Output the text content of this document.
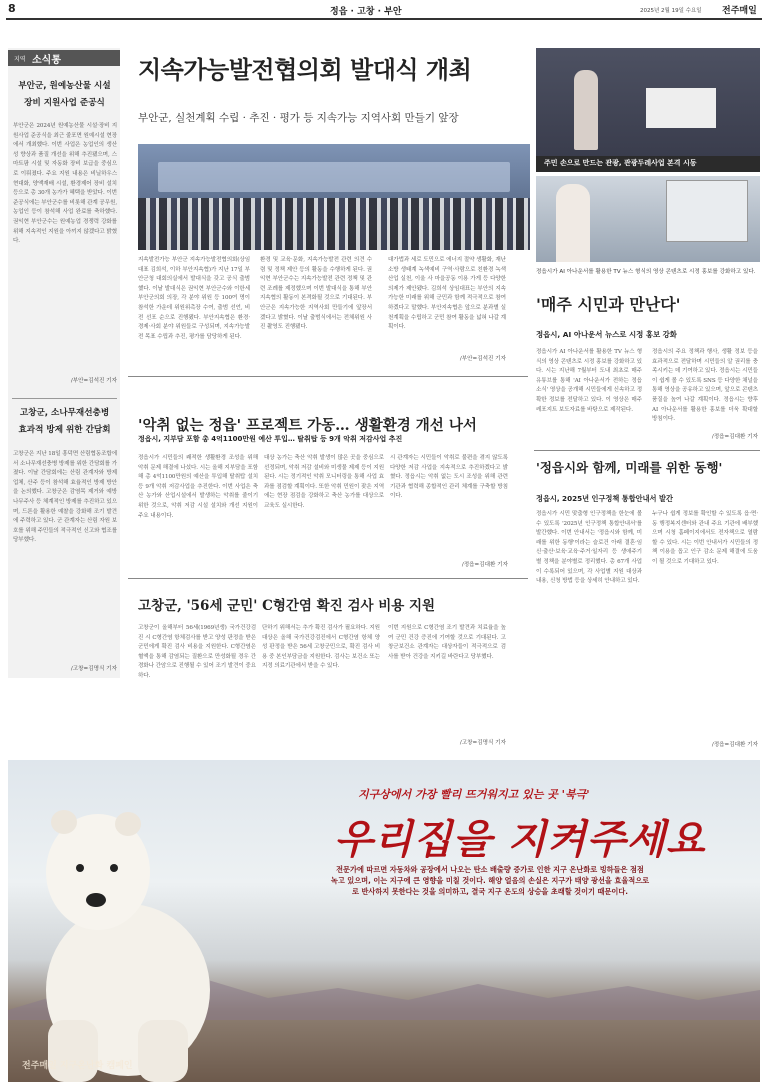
8	정읍 · 고창 · 부안	2025년 2월 19일 수요일 전주매일
지역 소식통
부안군, 원예농산물 시설
장비 지원사업 준공식
부안군은 2024년 원예농산물 시설·장비 지원사업 준공식을 최근 줄포면 원예시설 현장에서 개최했다. 이번 사업은 농업인의 생산성 향상과 품질 개선을 위해 추진됐으며, 스마트팜 시설 및 자동화 장비 보급을 중심으로 이뤄졌다. 주요 지원 내용은 비닐하우스 현대화, 양액재배 시설, 환경제어 장비 설치 등으로 총 30개 농가가 혜택을 받았다. 이번 준공식에는 부안군수를 비롯해 관계 공무원, 농업인 등이 참석해 사업 완료를 축하했다. 권익현 부안군수는 원예농업 경쟁력 강화를 위해 지속적인 지원을 아끼지 않겠다고 밝혔다.
/부안=김석진 기자
고창군, 소나무재선충병
효과적 방제 위한 간담회
고창군은 지난 18일 흥덕면 산림협동조합에서 소나무재선충병 방제를 위한 간담회를 가졌다. 이날 간담회에는 산림 관계자와 방제 업체, 산주 등이 참석해 효율적인 방제 방안을 논의했다. 고창군은 감염목 제거와 예방나무주사 등 체계적인 방제를 추진하고 있으며, 드론을 활용한 예찰을 강화해 조기 발견에 주력하고 있다. 군 관계자는 산림 자원 보호를 위해 주민들의 적극적인 신고와 협조를 당부했다.
/고창=김명식 기자
지속가능발전협의회 발대식 개최
부안군, 실천계획 수립 · 추진 · 평가 등 지속가능 지역사회 만들기 앞장
주민 손으로 만드는 관광, 관광두레사업 본격 시동
지속발전가능 부안군 지속가능발전협의회(상임대표 김희석, 이하 부안지속협)가 지난 17일 부안군청 대회의실에서 발대식을 갖고 공식 출범했다. 이날 발대식은 권익현 부안군수와 이한세 부안군의회 의장, 각 분야 위원 등 100여 명이 참석한 가운데 위원위촉장 수여, 출범 선언, 비전 선포 순으로 진행됐다. 부안지속협은 환경·경제·사회 분야 위원들로 구성되며, 지속가능발전 목표 수립과 추진, 평가를 담당하게 된다.
환경 및 교육·문화, 지속가능발전 관련 의견 수렴 및 정책 제안 등의 활동을 수행하게 된다. 권익현 부안군수는 지속가능발전 관련 정책 및 관련 조례를 제정했으며 이번 발대식을 통해 부안지속협의 활동이 본격화될 것으로 기대된다. 부안군은 지속가능한 지역사회 만들기에 앞장서겠다고 밝혔다. 이날 출범식에서는 전체위원 사진 촬영도 진행됐다.
대가법과 세로 도민으로 에너지 절약 생활화, 재난소방 생태계 녹색예비 구역·사람으로 친환경 녹색산업 실천, 이울 사 마을공동 이용 가게 등 다양한 의제가 제안됐다. 김희석 상임대표는 부안의 지속가능한 미래를 위해 군민과 함께 적극적으로 참여하겠다고 말했다. 부안지속협은 앞으로 분과별 실천계획을 수립하고 군민 참여 활동을 넓혀 나갈 계획이다.
/부안=김석진 기자
정읍시가 AI 아나운서를 활용한 TV 뉴스 형식의 영상 콘텐츠로 시정 홍보를 강화하고 있다.
'매주 시민과 만난다'
정읍시, AI 아나운서 뉴스로 시정 홍보 강화
정읍시가 AI 아나운서를 활용한 TV 뉴스 형식의 영상 콘텐츠로 시정 홍보를 강화하고 있다. 시는 지난해 7월부터 도내 최초로 매주 유튜브를 통해 'AI 아나운서가 전하는 정읍소식' 영상을 공개해 시민들에게 신속하고 정확한 정보를 전달하고 있다. 이 영상은 매주 레포지트 보도자료를 바탕으로 제작된다.
정읍시의 주요 정책과 행사, 생활 정보 등을 효과적으로 전달하며 시민들의 알 권리를 충족시키는 데 기여하고 있다. 정읍시는 시민들이 쉽게 볼 수 있도록 SNS 등 다양한 채널을 통해 영상을 공유하고 있으며, 앞으로 콘텐츠 품질을 높여 나갈 계획이다. 정읍시는 향후 AI 아나운서를 활용한 홍보를 더욱 확대할 방침이다.
/정읍=김대환 기자
'악취 없는 정읍' 프로젝트 가동… 생활환경 개선 나서
정읍시, 지부담 포함 총 4억1100만원 예산 투입… 탈취탑 등 9개 악취 저감사업 추진
정읍시가 시민들의 쾌적한 생활환경 조성을 위해 악취 문제 해결에 나섰다. 시는 올해 지부담을 포함해 총 4억1100만원의 예산을 투입해 탈취탑 설치 등 9개 악취 저감사업을 추진한다. 이번 사업은 축산 농가와 산업시설에서 발생하는 악취를 줄이기 위한 것으로, 악취 저감 시설 설치와 개선 지원이 주요 내용이다.
대상 농가는 축산 악취 발생이 많은 곳을 중심으로 선정되며, 악취 저감 설비와 미생물 제제 등이 지원된다. 시는 정기적인 악취 모니터링을 통해 사업 효과를 점검할 계획이다. 또한 악취 민원이 잦은 지역에는 현장 점검을 강화하고 축산 농가를 대상으로 교육도 실시한다.
시 관계자는 시민들이 악취로 불편을 겪지 않도록 다양한 저감 사업을 지속적으로 추진하겠다고 밝혔다. 정읍시는 악취 없는 도시 조성을 위해 관련 기관과 협력해 종합적인 관리 체계를 구축할 방침이다.
/정읍=김대환 기자
'정읍시와 함께, 미래를 위한 동행'
정읍시, 2025년 인구정책 통합안내서 발간
정읍시가 시민 맞춤형 인구정책을 한눈에 볼 수 있도록 '2025년 인구정책 통합안내서'를 발간했다. 이번 안내서는 '정읍시와 함께, 미래를 위한 동행'이라는 슬로건 아래 결혼·임신·출산·보육·교육·주거·일자리 등 생애주기별 정책을 분야별로 정리했다. 총 67개 사업이 수록되어 있으며, 각 사업별 지원 대상과 내용, 신청 방법 등을 상세히 안내하고 있다.
누구나 쉽게 정보를 확인할 수 있도록 읍·면·동 행정복지센터와 관내 주요 기관에 배부했으며 시청 홈페이지에서도 전자책으로 열람할 수 있다. 시는 이번 안내서가 시민들의 정책 이용을 돕고 인구 감소 문제 해결에 도움이 될 것으로 기대하고 있다.
/정읍=김대환 기자
고창군, '56세 군민' C형간염 확진 검사 비용 지원
고창군이 올해부터 56세(1969년생) 국가건강검진 시 C형간염 항체검사를 받고 양성 판정을 받은 군민에게 확진 검사 비용을 지원한다. C형간염은 혈액을 통해 감염되는 질환으로 만성화될 경우 간경화나 간암으로 진행될 수 있어 조기 발견이 중요하다.
단하기 위해서는 추가 확진 검사가 필요하다. 지원 대상은 올해 국가건강검진에서 C형간염 항체 양성 판정을 받은 56세 고창군민으로, 확진 검사 비용 중 본인부담금을 지원한다. 검사는 보건소 또는 지정 의료기관에서 받을 수 있다.
이번 지원으로 C형간염 조기 발견과 치료율을 높여 군민 건강 증진에 기여할 것으로 기대된다. 고창군보건소 관계자는 대상자들이 적극적으로 검사를 받아 건강을 지키길 바란다고 당부했다.
/고창=김명식 기자
지구상에서 가장 빨리 뜨거워지고 있는 곳 '북극'
우리집을 지켜주세요
전문가에 따르면 자동차와 공장에서 나오는 탄소 배출량 증가로 인한 지구 온난화로 빙하들은 점점
녹고 있으며, 이는 지구에 큰 영향을 미칠 것이다. 해양 얼음의 손실은 지구가 태양 광선을 효율적으로
로 반사하지 못한다는 것을 의미하고, 결국 지구 온도의 상승을 초래할 것이기 때문이다.
전주매일 지구온난화 캠페인
